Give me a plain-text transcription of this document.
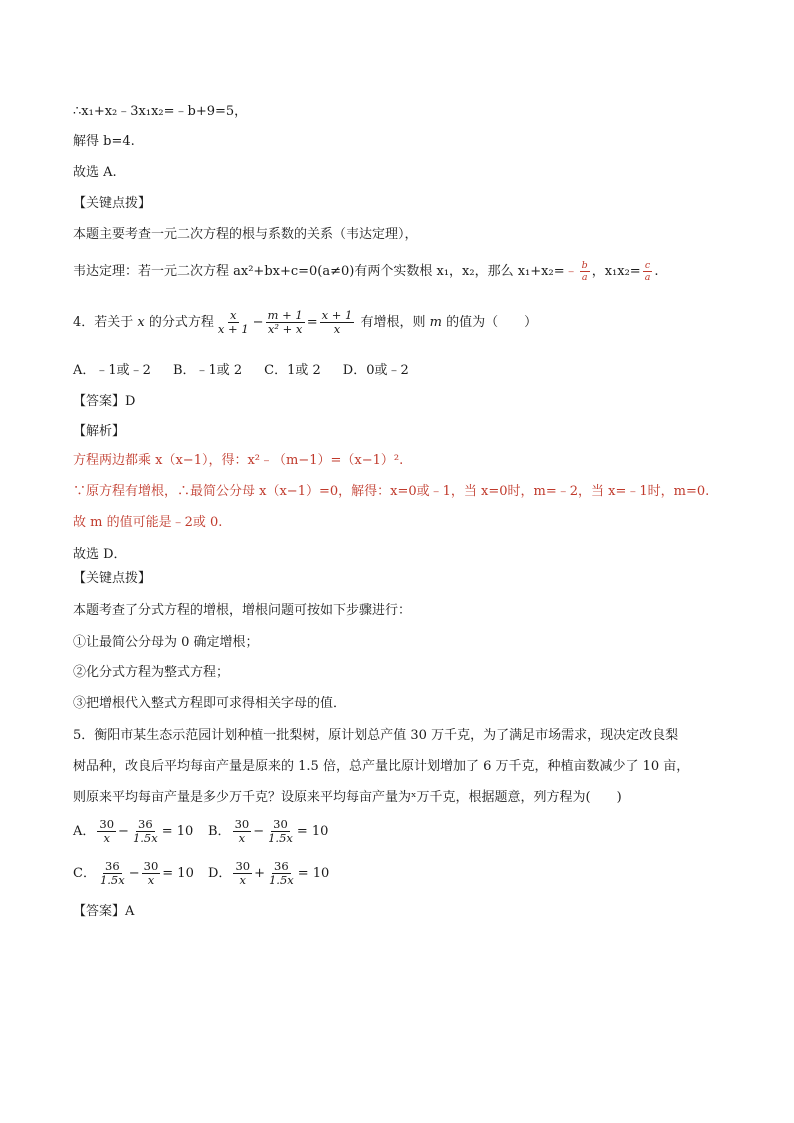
∴x₁+x₂﹣3x₁x₂=﹣b+9=5，
解得 b=4.
故选 A.
【关键点拨】
本题主要考查一元二次方程的根与系数的关系（韦达定理），
韦达定理：若一元二次方程 ax²+bx+c=0(a≠0)有两个实数根 x₁，x₂，那么 x₁+x₂=﹣ $\frac{b}{a}$ ，$x_1x_2= \frac{c}{a}$ .
4．若关于 x 的分式方程 $\frac{x}{x + 1} - \frac{m + 1}{\text{x² + x}} = \frac{x + 1}{x}$ 有增根，则 m 的值为（　　）
A．﹣1或﹣2 B．﹣1或 2 C．1或 2 D．0或﹣2
【答案】D
【解析】
方程两边都乘 x（x−1），得：x²﹣（m−1）=（x−1）².
∵原方程有增根，∴最简公分母 x（x−1）=0，解得：x=0或﹣1，当 x=0时，m=﹣2，当 x=﹣1时，m=0.
故 m 的值可能是﹣2或 0.
故选 D．
【关键点拨】
本题考查了分式方程的增根，增根问题可按如下步骤进行：
①让最简公分母为 0 确定增根；
②化分式方程为整式方程；
③把增根代入整式方程即可求得相关字母的值．
5．衡阳市某生态示范园计划种植一批梨树，原计划总产值 30 万千克，为了满足市场需求，现决定改良梨
树品种，改良后平均每亩产量是原来的 1.5 倍，总产量比原计划增加了 6 万千克，种植亩数减少了 10 亩，
则原来平均每亩产量是多少万千克？设原来平均每亩产量为ˣ万千克，根据题意，列方程为(　　)
A． $\frac{30}{x} - \frac{36}{1.5x} = 10$ B． $\frac{30}{x} - \frac{30}{1.5x} = 10$
C． $\frac{36}{1.5x} - \frac{30}{x} = 10$ D． $\frac{30}{x} + \frac{36}{1.5x} = 10$
【答案】A
